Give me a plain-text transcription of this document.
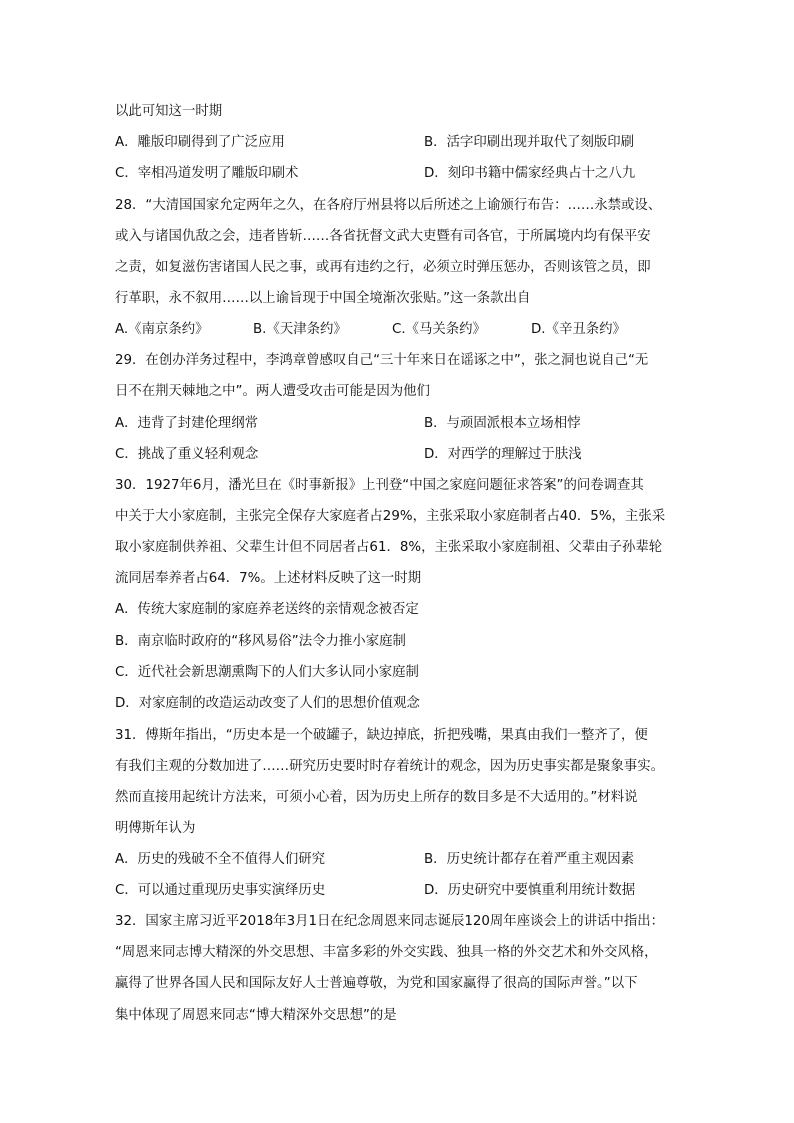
以此可知这一时期
A．雕版印刷得到了广泛应用	B．活字印刷出现并取代了刻版印刷
C．宰相冯道发明了雕版印刷术	D．刻印书籍中儒家经典占十之八九
28．“大清国国家允定两年之久，在各府厅州县将以后所述之上谕颁行布告：……永禁或设、
或入与诸国仇敌之会，违者皆斩……各省抚督文武大吏暨有司各官，于所属境内均有保平安
之责，如复滋伤害诸国人民之事，或再有违约之行，必须立时弹压惩办，否则该管之员，即
行革职，永不叙用……以上谕旨现于中国全境渐次张贴。”这一条款出自
A.《南京条约》	B.《天津条约》	C.《马关条约》	D.《辛丑条约》
29．在创办洋务过程中，李鸿章曾感叹自己“三十年来日在谣诼之中”，张之洞也说自己“无
日不在荆天棘地之中”。两人遭受攻击可能是因为他们
A．违背了封建伦理纲常	B．与顽固派根本立场相悖
C．挑战了重义轻利观念	D．对西学的理解过于肤浅
30．1927年6月，潘光旦在《时事新报》上刊登“中国之家庭问题征求答案”的问卷调查其
中关于大小家庭制，主张完全保存大家庭者占29%，主张采取小家庭制者占40．5%，主张采
取小家庭制供养祖、父辈生计但不同居者占61．8%，主张采取小家庭制祖、父辈由子孙辈轮
流同居奉养者占64．7%。上述材料反映了这一时期
A．传统大家庭制的家庭养老送终的亲情观念被否定
B．南京临时政府的“移风易俗”法令力推小家庭制
C．近代社会新思潮熏陶下的人们大多认同小家庭制
D．对家庭制的改造运动改变了人们的思想价值观念
31．傅斯年指出，“历史本是一个破罐子，缺边掉底，折把残嘴，果真由我们一整齐了，便
有我们主观的分数加进了……研究历史要时时存着统计的观念，因为历史事实都是聚象事实。
然而直接用起统计方法来，可须小心着，因为历史上所存的数目多是不大适用的。”材料说
明傅斯年认为
A．历史的残破不全不值得人们研究	B．历史统计都存在着严重主观因素
C．可以通过重现历史事实演绎历史	D．历史研究中要慎重利用统计数据
32．国家主席习近平2018年3月1日在纪念周恩来同志诞辰120周年座谈会上的讲话中指出：
“周恩来同志博大精深的外交思想、丰富多彩的外交实践、独具一格的外交艺术和外交风格，
赢得了世界各国人民和国际友好人士普遍尊敬，为党和国家赢得了很高的国际声誉。”以下
集中体现了周恩来同志“博大精深外交思想”的是
